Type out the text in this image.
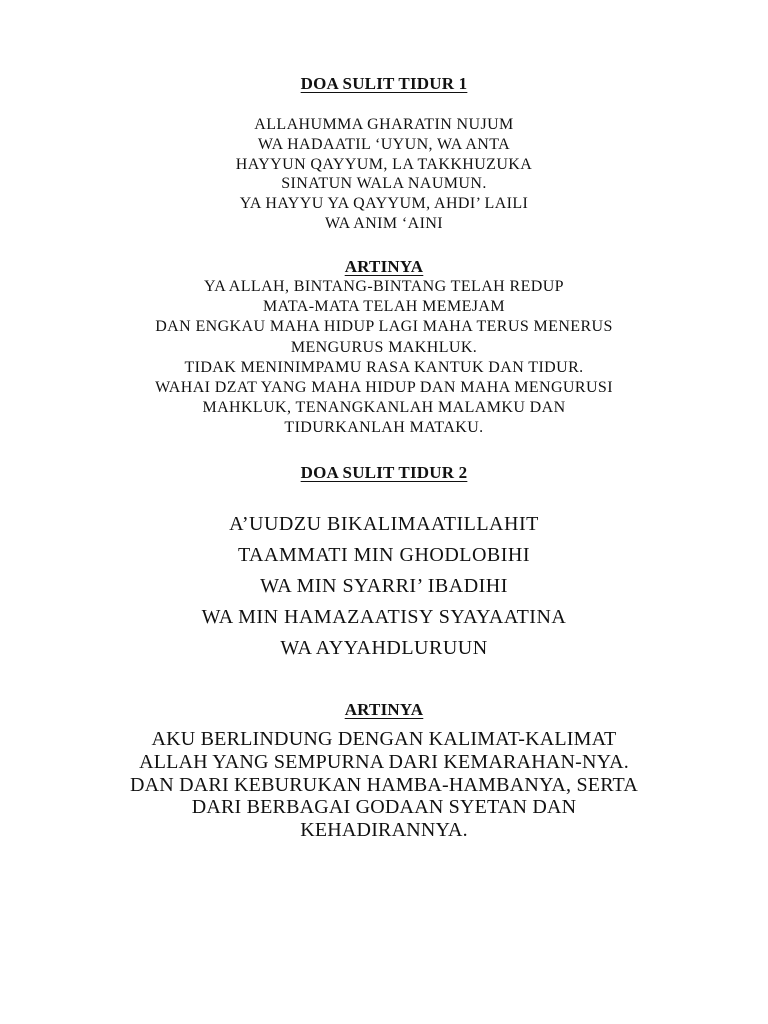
DOA SULIT TIDUR 1
ALLAHUMMA GHARATIN NUJUM
WA HADAATIL ‘UYUN, WA ANTA
HAYYUN QAYYUM, LA TAKKHUZUKA
SINATUN WALA NAUMUN.
YA HAYYU YA QAYYUM, AHDI’ LAILI
WA ANIM ‘AINI
ARTINYA
YA ALLAH, BINTANG-BINTANG TELAH REDUP
MATA-MATA TELAH MEMEJAM
DAN ENGKAU MAHA HIDUP LAGI MAHA TERUS MENERUS
MENGURUS MAKHLUK.
TIDAK MENINIMPAMU RASA KANTUK DAN TIDUR.
WAHAI DZAT YANG MAHA HIDUP DAN MAHA MENGURUSI
MAHKLUK, TENANGKANLAH MALAMKU DAN
TIDURKANLAH MATAKU.
DOA SULIT TIDUR 2
A’UUDZU BIKALIMAATILLAHIT
TAAMMATI MIN GHODLOBIHI
WA MIN SYARRI’ IBADIHI
WA MIN HAMAZAATISY SYAYAATINA
WA AYYAHDLURUUN
ARTINYA
AKU BERLINDUNG DENGAN KALIMAT-KALIMAT
ALLAH YANG SEMPURNA DARI KEMARAHAN-NYA.
DAN DARI KEBURUKAN HAMBA-HAMBANYA, SERTA
DARI BERBAGAI GODAAN SYETAN DAN
KEHADIRANNYA.
